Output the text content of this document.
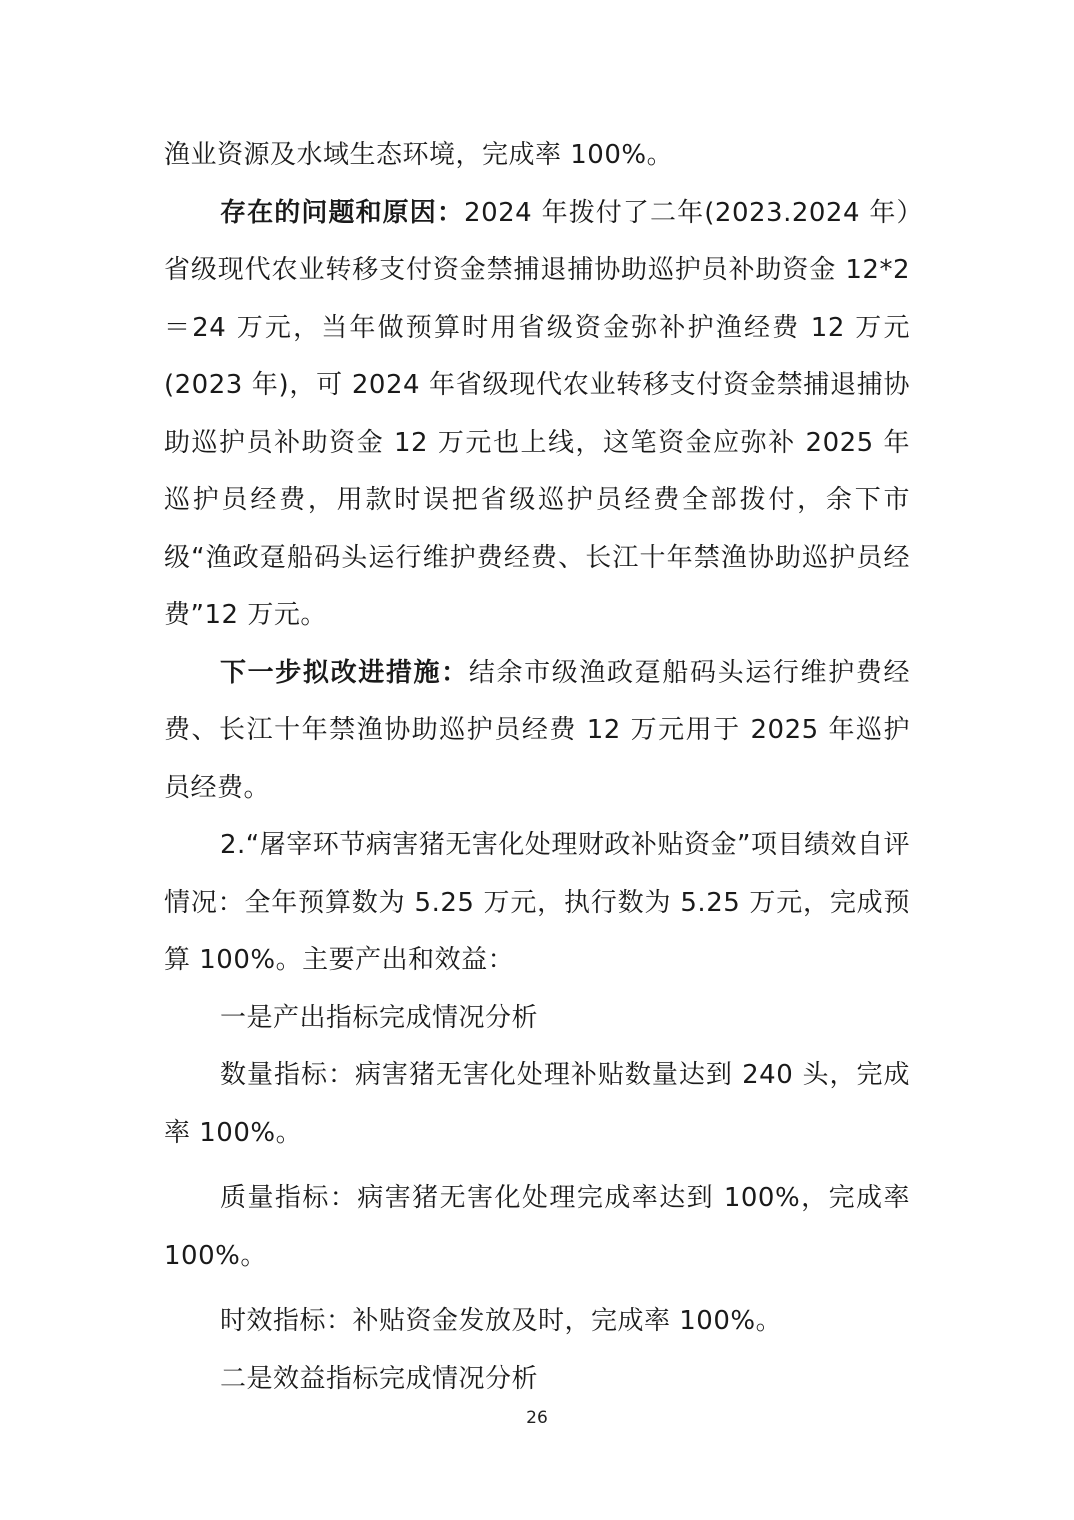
渔业资源及水域生态环境，完成率 100%。

存在的问题和原因：2024 年拨付了二年(2023.2024 年）省级现代农业转移支付资金禁捕退捕协助巡护员补助资金 12*2＝24 万元，当年做预算时用省级资金弥补护渔经费 12 万元(2023 年)，可 2024 年省级现代农业转移支付资金禁捕退捕协助巡护员补助资金 12 万元也上线，这笔资金应弥补 2025 年巡护员经费，用款时误把省级巡护员经费全部拨付，余下市级“渔政趸船码头运行维护费经费、长江十年禁渔协助巡护员经费”12 万元。

下一步拟改进措施：结余市级渔政趸船码头运行维护费经费、长江十年禁渔协助巡护员经费 12 万元用于 2025 年巡护员经费。

2.“屠宰环节病害猪无害化处理财政补贴资金”项目绩效自评情况：全年预算数为 5.25 万元，执行数为 5.25 万元，完成预算 100%。主要产出和效益：

一是产出指标完成情况分析

数量指标：病害猪无害化处理补贴数量达到 240 头，完成率 100%。

质量指标：病害猪无害化处理完成率达到 100%，完成率 100%。

时效指标：补贴资金发放及时，完成率 100%。

二是效益指标完成情况分析

26
